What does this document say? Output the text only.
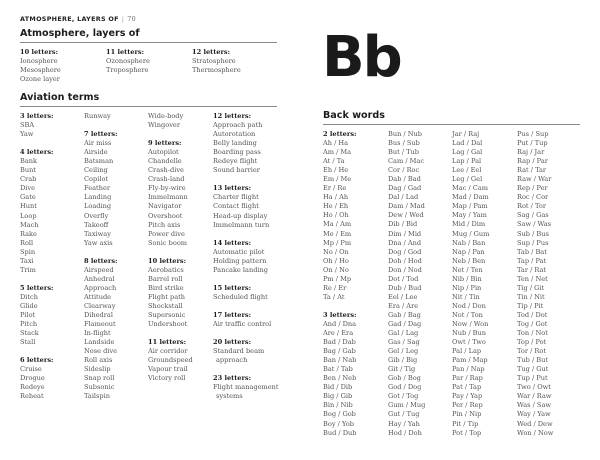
ATMOSPHERE, LAYERS OF | 70
Atmosphere, layers of
10 letters:
Ionosphere
Mesosphere
Ozone layer
11 letters:
Ozonosphere
Troposphere
12 letters:
Stratosphere
Thermosphere
Aviation terms
3 letters:
SBA
Yaw
4 letters:
Bank
Bunt
Crab
Dive
Gate
Hunt
Loop
Mach
Rake
Roll
Spin
Taxi
Trim
5 letters:
Ditch
Glide
Pilot
Pitch
Stack
Stall
6 letters:
Cruise
Drogue
Redeye
Reheat
Runway
7 letters:
Air miss
Airside
Batsman
Ceiling
Copilot
Feather
Landing
Loading
Overfly
Takeoff
Taxiway
Yaw axis
8 letters:
Airspeed
Anhedral
Approach
Attitude
Clearway
Dihedral
Flameout
In-flight
Landside
Nose dive
Roll axis
Sideslip
Snap roll
Subsonic
Tailspin
Wide-body
Wingover
9 letters:
Autopilot
Chandelle
Crash-dive
Crash-land
Fly-by-wire
Immelmann
Navigator
Overshoot
Pitch axis
Power dive
Sonic boom
10 letters:
Aerobatics
Barrel roll
Bird strike
Flight path
Shockstall
Supersonic
Undershoot
11 letters:
Air corridor
Groundspeed
Vapour trail
Victory roll
12 letters:
Approach path
Autorotation
Belly landing
Boarding pass
Redeye flight
Sound barrier
13 letters:
Charter flight
Contact flight
Head-up display
Immelmann turn
14 letters:
Automatic pilot
Holding pattern
Pancake landing
15 letters:
Scheduled flight
17 letters:
Air traffic control
20 letters:
Standard beam
approach
23 letters:
Flight management
systems
Bb
Back words
2 letters:
Ah / Ha
Am / Ma
At / Ta
Eh / He
Em / Me
Er / Re
Ha / Ah
He / Eh
Ho / Oh
Ma / Am
Me / Em
Mp / Pm
No / On
Oh / Ho
On / No
Pm / Mp
Re / Er
Ta / At
3 letters:
And / Dna
Are / Era
Bad / Dab
Bag / Gab
Ban / Nab
Bat / Tab
Ben / Neb
Bid / Dib
Big / Gib
Bin / Nib
Bog / Gob
Boy / Yob
Bud / Dub
Bun / Nub
Bus / Sub
But / Tub
Cam / Mac
Cor / Roc
Dab / Bad
Dag / Gad
Dal / Lad
Dam / Mad
Dew / Wed
Dib / Bid
Dim / Mid
Dna / And
Dog / God
Doh / Hod
Don / Nod
Dot / Tod
Dub / Bud
Eel / Lee
Era / Are
Gab / Bag
Gad / Dag
Gal / Lag
Gas / Sag
Gel / Leg
Gib / Big
Git / Tig
Gob / Bog
God / Dog
Got / Tog
Gum / Mug
Gut / Tug
Hay / Yah
Hod / Doh
Jar / Raj
Lad / Dal
Lag / Gal
Lap / Pal
Lee / Eel
Leg / Gel
Mac / Cam
Mad / Dam
Map / Pam
May / Yam
Mid / Dim
Mug / Gum
Nab / Ban
Nap / Pan
Neb / Ben
Net / Ten
Nib / Bin
Nip / Pin
Nit / Tin
Nod / Don
Not / Ton
Now / Won
Nub / Bun
Owt / Two
Pal / Lap
Pam / Map
Pan / Nap
Par / Rap
Pat / Tap
Pay / Yap
Per / Rep
Pin / Nip
Pit / Tip
Pot / Top
Pus / Sup
Put / Tup
Raj / Jar
Rap / Par
Rat / Tar
Raw / War
Rep / Per
Roc / Cor
Rot / Tor
Sag / Gas
Saw / Was
Sub / Bus
Sup / Pus
Tab / Bat
Tap / Pat
Tar / Rat
Ten / Net
Tig / Git
Tin / Nit
Tip / Pit
Tod / Dot
Tog / Got
Ton / Not
Top / Pot
Tor / Rot
Tub / But
Tug / Gut
Tup / Put
Two / Owt
War / Raw
Was / Saw
Way / Yaw
Wed / Dew
Won / Now
